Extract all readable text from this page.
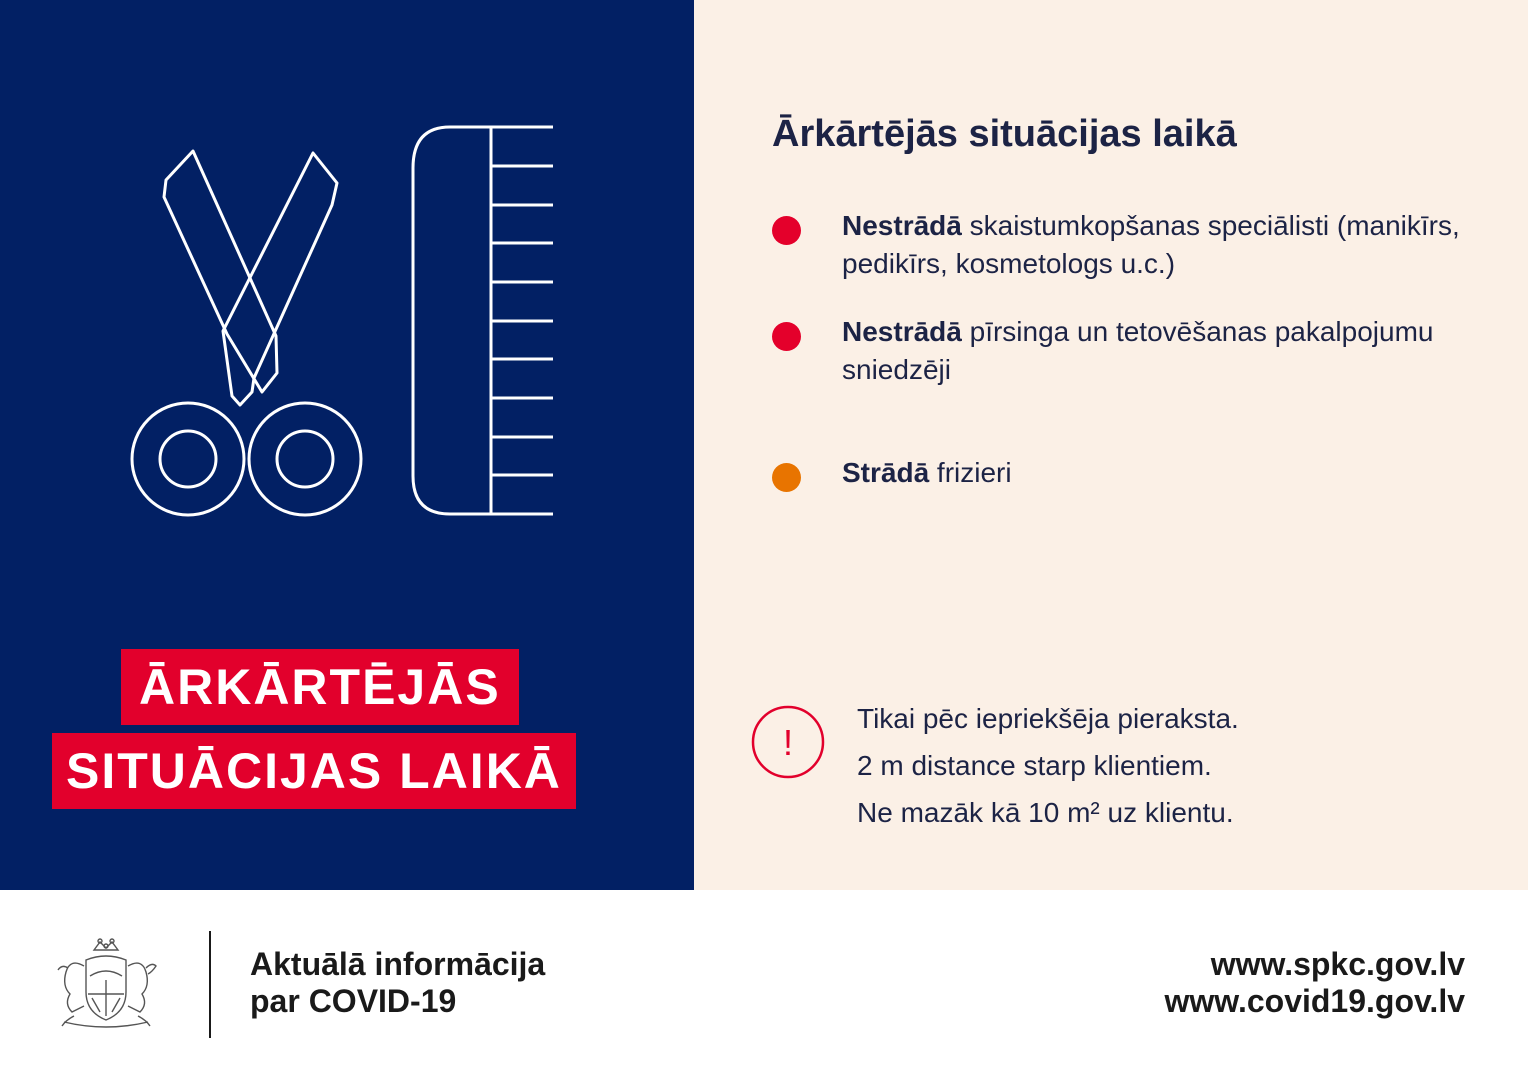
ĀRKĀRTĒJĀS
SITUĀCIJAS LAIKĀ
Ārkārtējās situācijas laikā
Nestrādā skaistumkopšanas speciālisti (manikīrs, pedikīrs, kosmetologs u.c.)
Nestrādā pīrsinga un tetovēšanas pakalpojumu sniedzēji
Strādā frizieri
!
Tikai pēc iepriekšēja pieraksta.
2 m distance starp klientiem.
Ne mazāk kā 10 m² uz klientu.
Aktuālā informācija
par COVID-19
www.spkc.gov.lv
www.covid19.gov.lv
